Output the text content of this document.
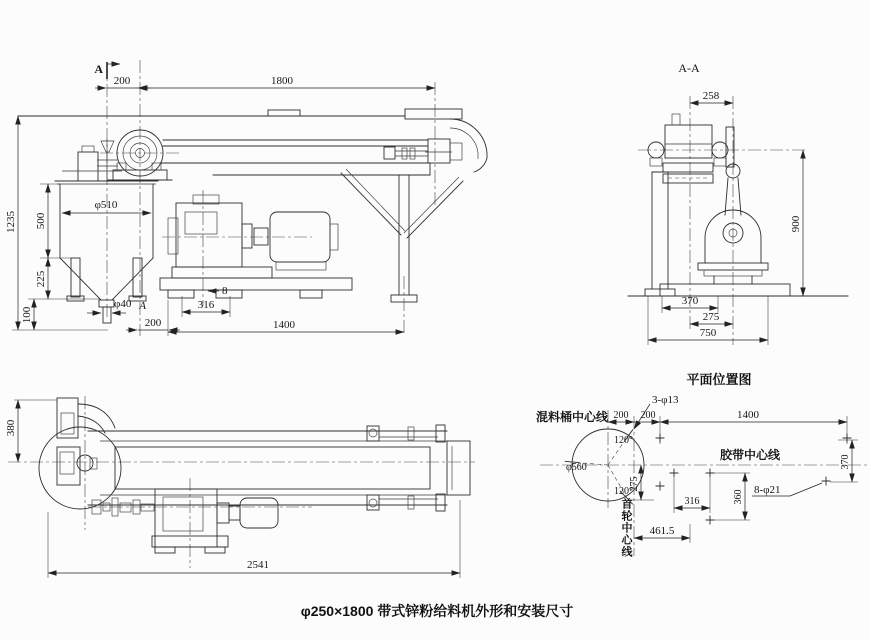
A
200	1800
1235 500
225
100
φ510
φ40 A
200
316
8
1400
A-A
258
900
370
275
750
380
2541
平面位置图
混料桶中心线
120°
120°
φ560
3-φ13
200 200	1400
胶带中心线
首轮中心线
275
316	360
461.5
370
8-φ21
φ250×1800 带式锌粉给料机外形和安装尺寸
